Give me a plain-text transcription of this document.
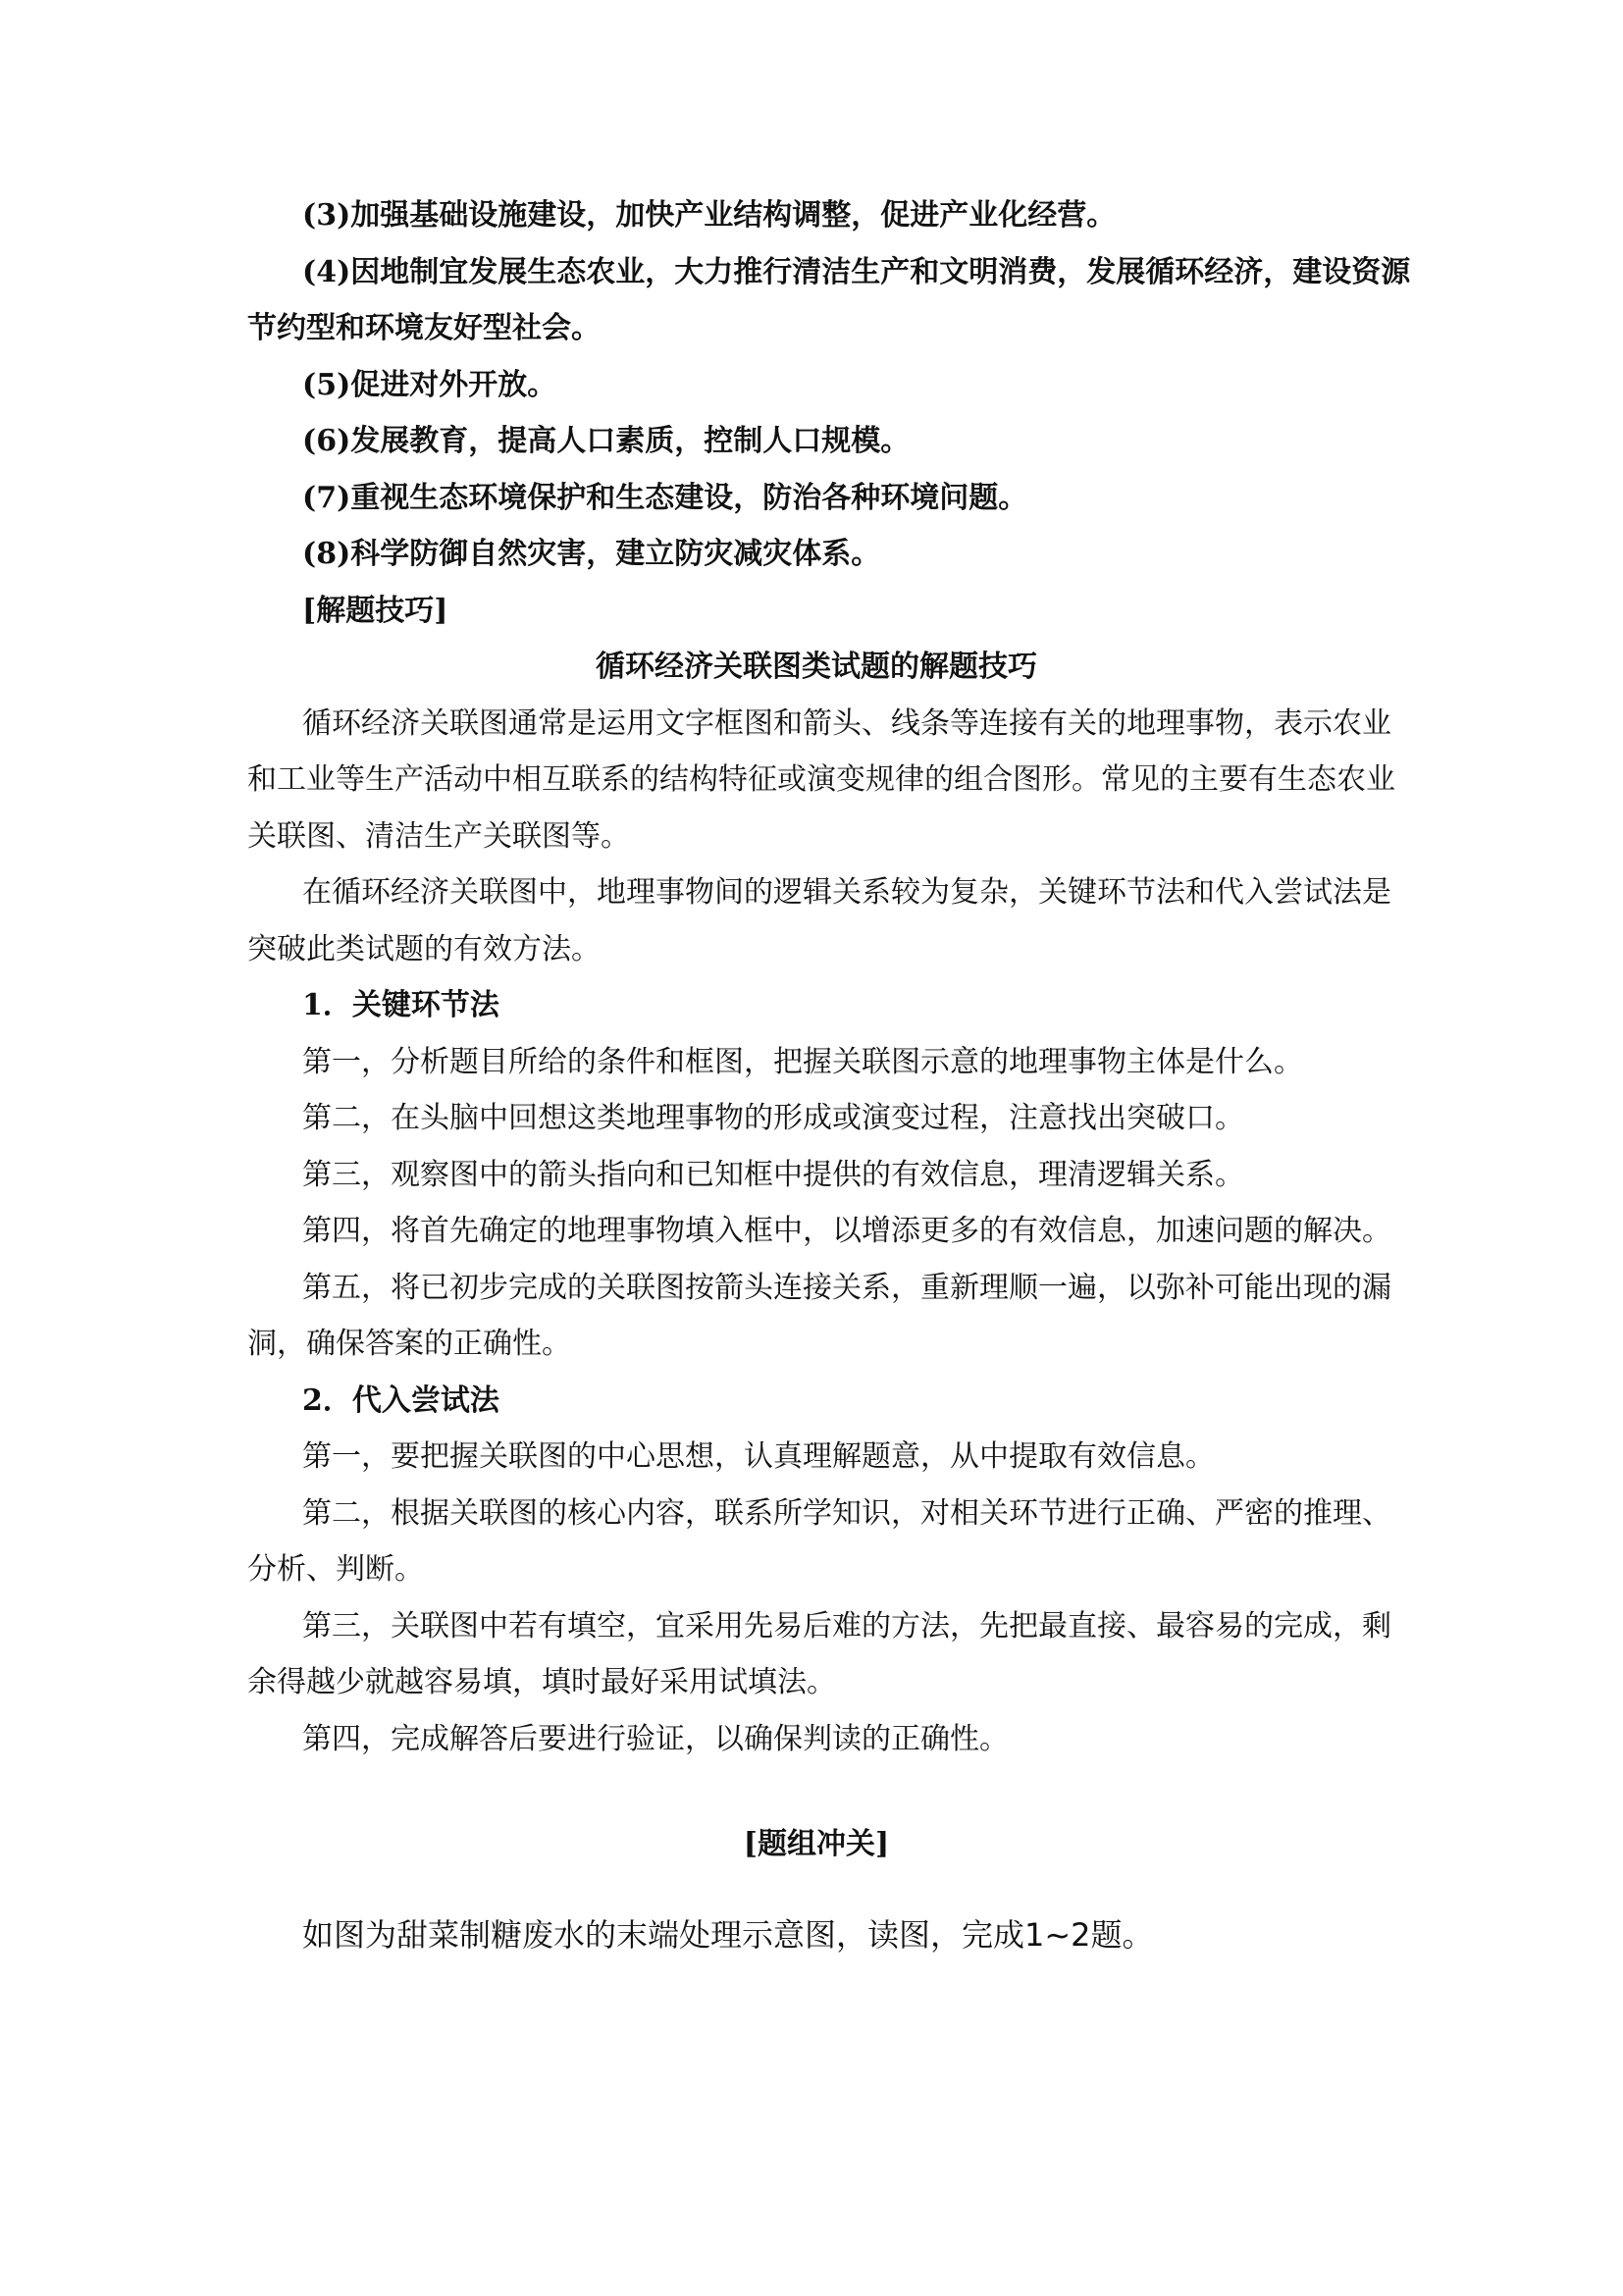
(3)加强基础设施建设，加快产业结构调整，促进产业化经营。
(4)因地制宜发展生态农业，大力推行清洁生产和文明消费，发展循环经济，建设资源
节约型和环境友好型社会。
(5)促进对外开放。
(6)发展教育，提高人口素质，控制人口规模。
(7)重视生态环境保护和生态建设，防治各种环境问题。
(8)科学防御自然灾害，建立防灾减灾体系。
[解题技巧]
循环经济关联图类试题的解题技巧
循环经济关联图通常是运用文字框图和箭头、线条等连接有关的地理事物，表示农业
和工业等生产活动中相互联系的结构特征或演变规律的组合图形。常见的主要有生态农业
关联图、清洁生产关联图等。
在循环经济关联图中，地理事物间的逻辑关系较为复杂，关键环节法和代入尝试法是
突破此类试题的有效方法。
1．关键环节法
第一，分析题目所给的条件和框图，把握关联图示意的地理事物主体是什么。
第二，在头脑中回想这类地理事物的形成或演变过程，注意找出突破口。
第三，观察图中的箭头指向和已知框中提供的有效信息，理清逻辑关系。
第四，将首先确定的地理事物填入框中，以增添更多的有效信息，加速问题的解决。
第五，将已初步完成的关联图按箭头连接关系，重新理顺一遍，以弥补可能出现的漏
洞，确保答案的正确性。
2．代入尝试法
第一，要把握关联图的中心思想，认真理解题意，从中提取有效信息。
第二，根据关联图的核心内容，联系所学知识，对相关环节进行正确、严密的推理、
分析、判断。
第三，关联图中若有填空，宜采用先易后难的方法，先把最直接、最容易的完成，剩
余得越少就越容易填，填时最好采用试填法。
第四，完成解答后要进行验证，以确保判读的正确性。
[题组冲关]
如图为甜菜制糖废水的末端处理示意图，读图，完成1~2题。
